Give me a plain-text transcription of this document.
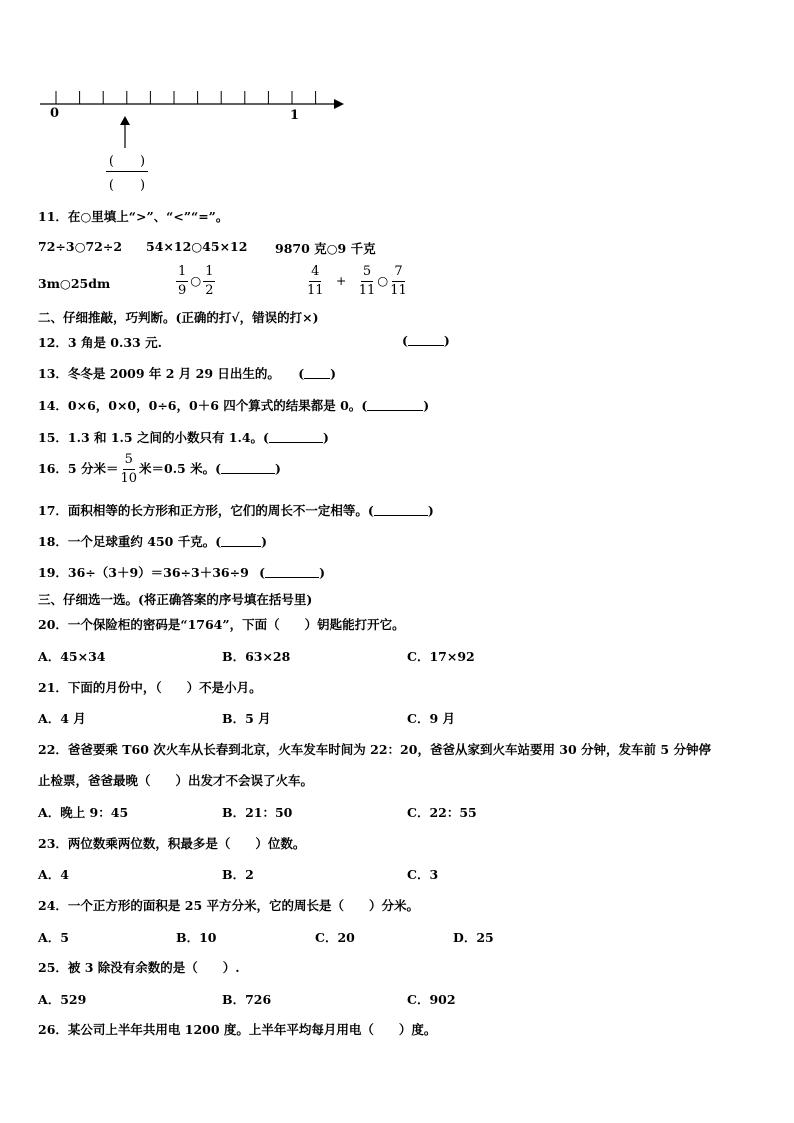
0	1
(　　)
(　　)
11．在○里填上“>”、“<”“=”。
72÷3○72÷2 54×12○45×12 9870 克○9 千克
3m○25dm	$\frac{1}{9}$ ○ $\frac{1}{2}$	$\frac{4}{11} + \frac{5}{11}$ ○ $\frac{7}{11}$
二、仔细推敲，巧判断。(正确的打√，错误的打×)
12．3 角是 0.33 元.	(	)
13．冬冬是 2009 年 2 月 29 日出生的。 ( )
14．0×6，0×0，0÷6，0＋6 四个算式的结果都是 0。(	)
15．1.3 和 1.5 之间的小数只有 1.4。(	)
16．5 分米＝ $\frac{5}{10}$ 米＝0.5 米。(	)
17．面积相等的长方形和正方形，它们的周长不一定相等。(	)
18．一个足球重约 450 千克。(	)
19．36÷（3＋9）＝36÷3＋36÷9 (	)
三、仔细选一选。(将正确答案的序号填在括号里)
20．一个保险柜的密码是“1764”，下面（　　）钥匙能打开它。
A．45×34	B．63×28	C．17×92
21．下面的月份中，（　　）不是小月。
A．4 月	B．5 月	C．9 月
22．爸爸要乘 T60 次火车从长春到北京，火车发车时间为 22：20，爸爸从家到火车站要用 30 分钟，发车前 5 分钟停
止检票，爸爸最晚（　　）出发才不会误了火车。
A．晚上 9：45	B．21：50	C．22：55
23．两位数乘两位数，积最多是（　　）位数。
A．4	B．2	C．3
24．一个正方形的面积是 25 平方分米，它的周长是（　　）分米。
A．5	B．10	C．20	D．25
25．被 3 除没有余数的是（　　）.
A．529	B．726	C．902
26．某公司上半年共用电 1200 度。上半年平均每月用电（　　）度。
